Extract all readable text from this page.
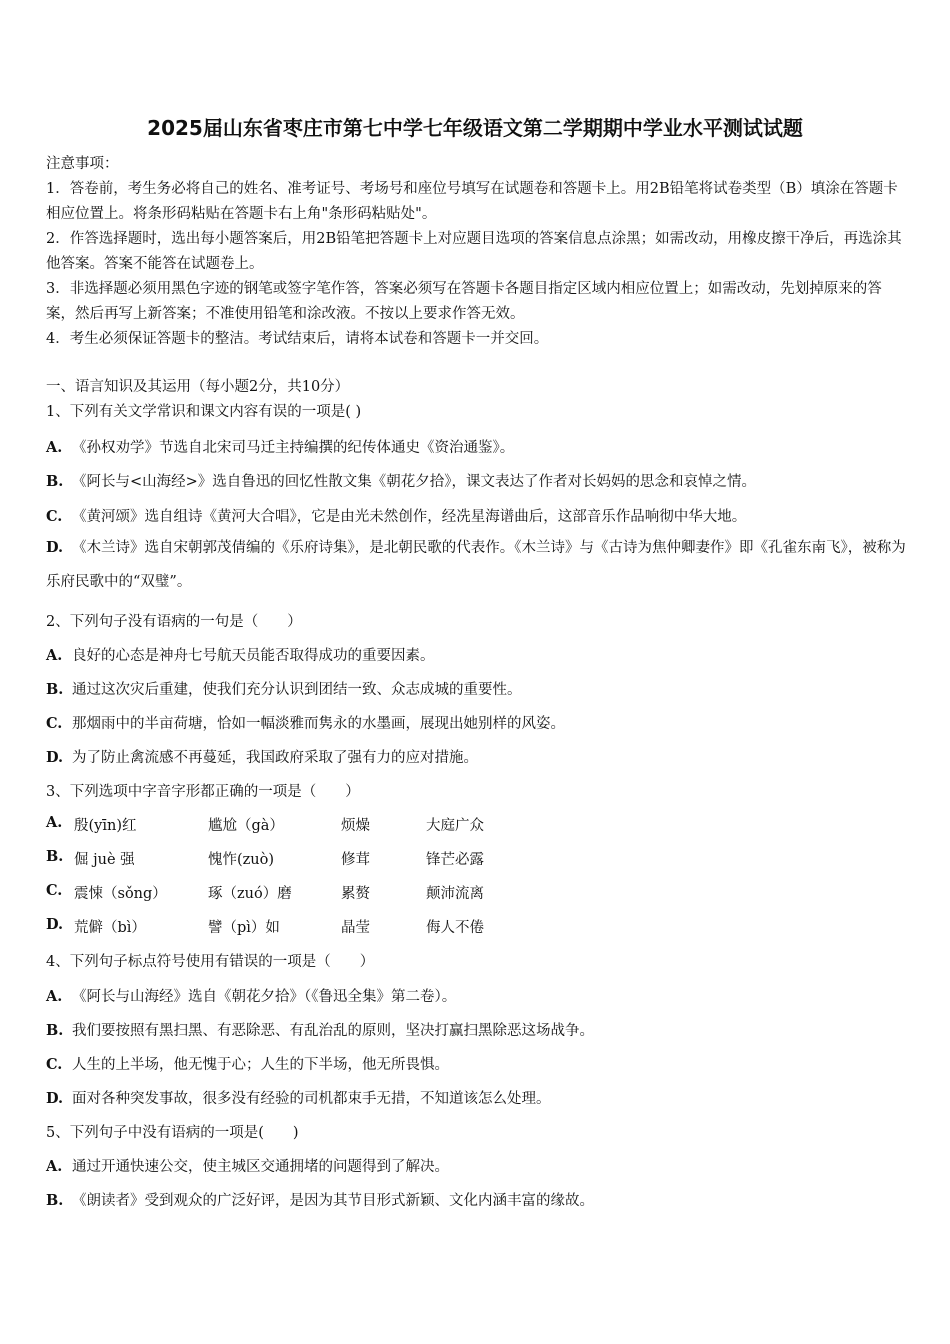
2025届山东省枣庄市第七中学七年级语文第二学期期中学业水平测试试题

注意事项：

1．答卷前，考生务必将自己的姓名、准考证号、考场号和座位号填写在试题卷和答题卡上。用2B铅笔将试卷类型（B）填涂在答题卡相应位置上。将条形码粘贴在答题卡右上角"条形码粘贴处"。

2．作答选择题时，选出每小题答案后，用2B铅笔把答题卡上对应题目选项的答案信息点涂黑；如需改动，用橡皮擦干净后，再选涂其他答案。答案不能答在试题卷上。

3．非选择题必须用黑色字迹的钢笔或签字笔作答，答案必须写在答题卡各题目指定区域内相应位置上；如需改动，先划掉原来的答案，然后再写上新答案；不准使用铅笔和涂改液。不按以上要求作答无效。

4．考生必须保证答题卡的整洁。考试结束后，请将本试卷和答题卡一并交回。

一、语言知识及其运用（每小题2分，共10分）
1、下列有关文学常识和课文内容有误的一项是( )
A. 《孙权劝学》节选自北宋司马迁主持编撰的纪传体通史《资治通鉴》。
B. 《阿长与<山海经>》选自鲁迅的回忆性散文集《朝花夕拾》，课文表达了作者对长妈妈的思念和哀悼之情。
C. 《黄河颂》选自组诗《黄河大合唱》，它是由光未然创作，经冼星海谱曲后，这部音乐作品响彻中华大地。
D. 《木兰诗》选自宋朝郭茂倩编的《乐府诗集》，是北朝民歌的代表作。《木兰诗》与《古诗为焦仲卿妻作》即《孔雀东南飞》，被称为乐府民歌中的“双璧”。
2、下列句子没有语病的一句是（　　）
A. 良好的心态是神舟七号航天员能否取得成功的重要因素。
B. 通过这次灾后重建，使我们充分认识到团结一致、众志成城的重要性。
C. 那烟雨中的半亩荷塘，恰如一幅淡雅而隽永的水墨画，展现出她别样的风姿。
D. 为了防止禽流感不再蔓延，我国政府采取了强有力的应对措施。
3、下列选项中字音字形都正确的一项是（　　）
A. 殷(yīn)红	尴尬（gà）	烦燥	大庭广众
B. 倔 juè 强	愧怍(zuò)	修茸	锋芒必露
C. 震悚（sǒng）	琢（zuó）磨	累赘	颠沛流离
D. 荒僻（bì）	譬（pì）如	晶莹	侮人不倦
4、下列句子标点符号使用有错误的一项是（　　）
A. 《阿长与山海经》选自《朝花夕拾》（《鲁迅全集》第二卷）。
B. 我们要按照有黑扫黑、有恶除恶、有乱治乱的原则，坚决打赢扫黑除恶这场战争。
C. 人生的上半场，他无愧于心；人生的下半场，他无所畏惧。
D. 面对各种突发事故，很多没有经验的司机都束手无措，不知道该怎么处理。
5、下列句子中没有语病的一项是(　　)
A. 通过开通快速公交，使主城区交通拥堵的问题得到了解决。
B. 《朗读者》受到观众的广泛好评，是因为其节目形式新颖、文化内涵丰富的缘故。
